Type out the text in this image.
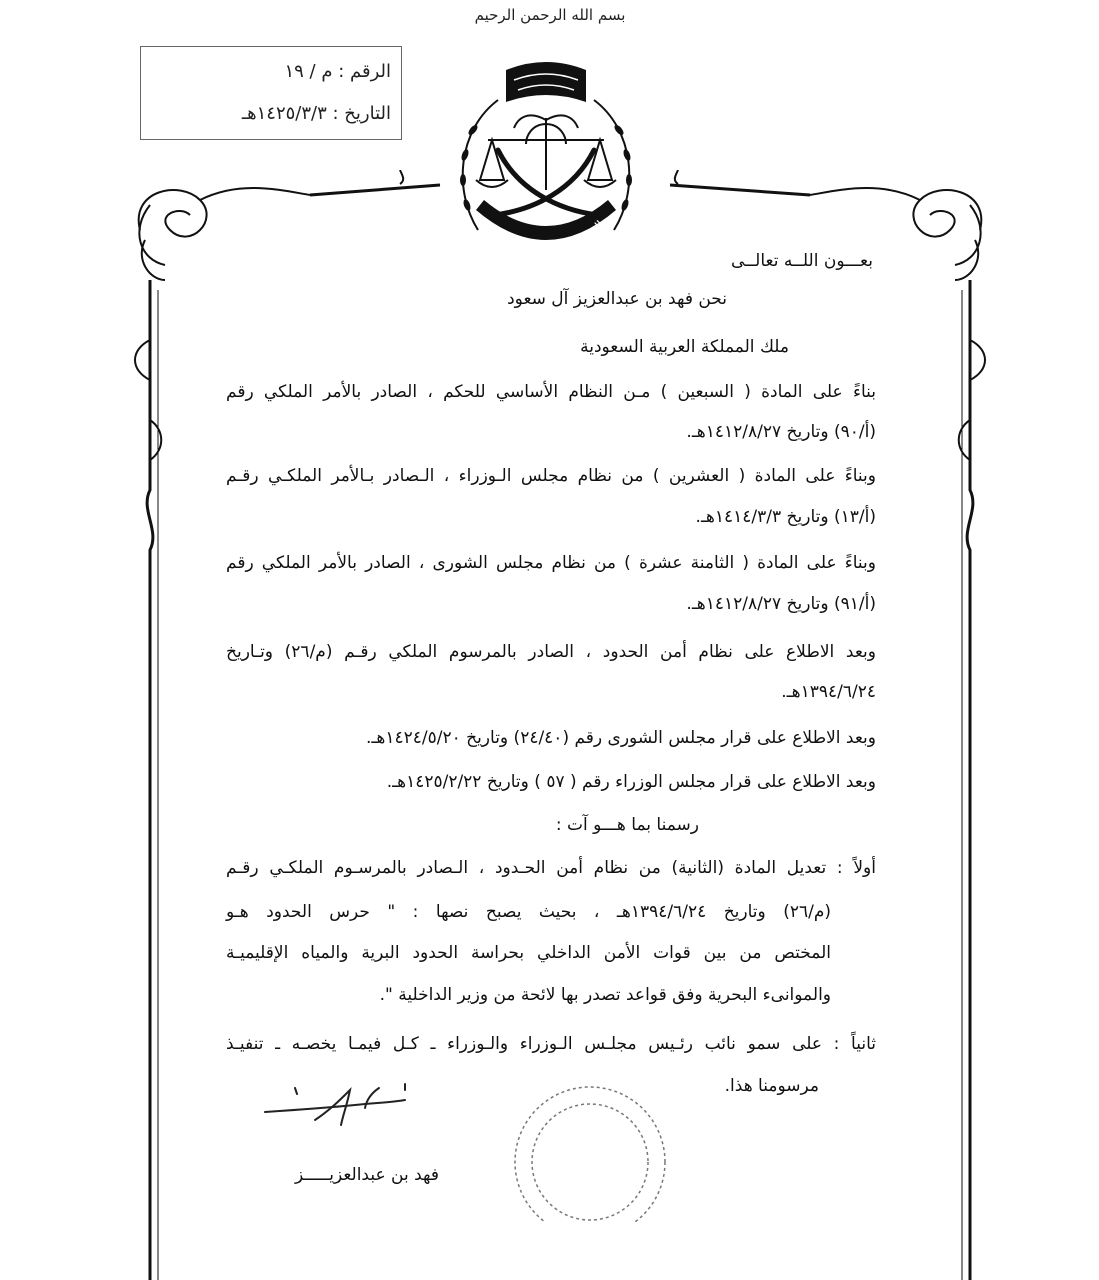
بسم الله الرحمن الرحيم
الرقم : م / ١٩
التاريخ : ١٤٢٥/٣/٣هـ
المملكة العربية السعودية
بعـــون اللــه تعالــى
نحن فهد بن عبدالعزيز آل سعود
ملك المملكة العربية السعودية
بناءً على المادة ( السبعين ) مـن النظام الأساسي للحكم ، الصادر بالأمر الملكي رقم
(أ/٩٠) وتاريخ ١٤١٢/٨/٢٧هـ.
وبناءً على المادة ( العشرين ) من نظام مجلس الـوزراء ، الـصادر بـالأمر الملكـي رقـم
(أ/١٣) وتاريخ ١٤١٤/٣/٣هـ.
وبناءً على المادة ( الثامنة عشرة ) من نظام مجلس الشورى ، الصادر بالأمر الملكي رقم
(أ/٩١) وتاريخ ١٤١٢/٨/٢٧هـ.
وبعد الاطلاع على نظام أمن الحدود ، الصادر بالمرسوم الملكي رقـم (م/٢٦) وتـاريخ
١٣٩٤/٦/٢٤هـ.
وبعد الاطلاع على قرار مجلس الشورى رقم (٢٤/٤٠) وتاريخ ١٤٢٤/٥/٢٠هـ.
وبعد الاطلاع على قرار مجلس الوزراء رقم ( ٥٧ ) وتاريخ ١٤٢٥/٢/٢٢هـ.
رسمنا بما هـــو آت :
أولاً : تعديل المادة (الثانية) من نظام أمن الحـدود ، الـصادر بالمرسـوم الملكـي رقـم
(م/٢٦) وتاريخ ١٣٩٤/٦/٢٤هـ ، بحيث يصبح نصها : " حرس الحدود هـو
المختص من بين قوات الأمن الداخلي بحراسة الحدود البرية والمياه الإقليميـة
والموانىء البحرية وفق قواعد تصدر بها لائحة من وزير الداخلية ".
ثانياً : على سمو نائب رئـيس مجلـس الـوزراء والـوزراء ـ كـل فيمـا يخصـه ـ تنفيـذ
مرسومنا هذا.
فهد بن عبدالعزيـــــز
